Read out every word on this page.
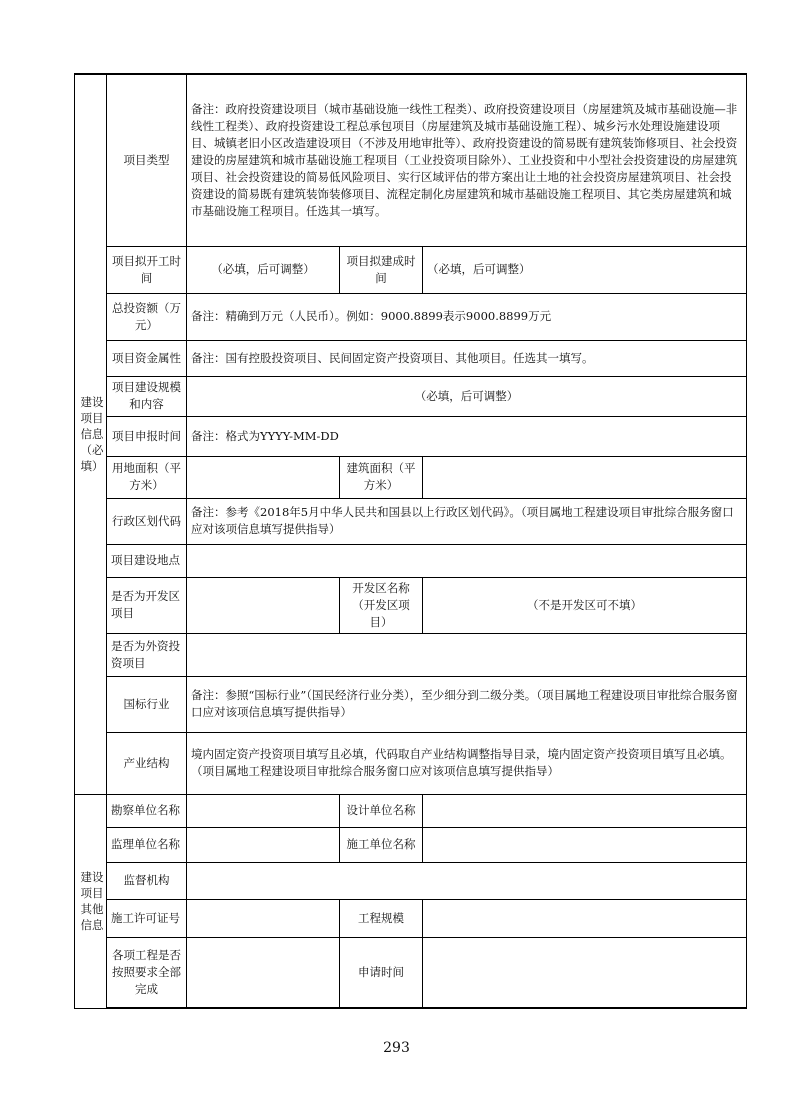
建设项目信息（必填）	项目类型	备注：政府投资建设项目（城市基础设施一线性工程类）、政府投资建设项目（房屋建筑及城市基础设施—非线性工程类）、政府投资建设工程总承包项目（房屋建筑及城市基础设施工程）、城乡污水处理设施建设项目、城镇老旧小区改造建设项目（不涉及用地审批等）、政府投资建设的简易既有建筑装饰修项目、社会投资建设的房屋建筑和城市基础设施工程项目（工业投资项目除外）、工业投资和中小型社会投资建设的房屋建筑项目、社会投资建设的简易低风险项目、实行区域评估的带方案出让土地的社会投资房屋建筑项目、社会投资建设的简易既有建筑装饰装修项目、流程定制化房屋建筑和城市基础设施工程项目、其它类房屋建筑和城市基础设施工程项目。任选其一填写。		
	项目拟开工时间	（必填，后可调整）	项目拟建成时间	（必填，后可调整）
	总投资额（万元）	备注：精确到万元（人民币）。例如：9000.8899表示9000.8899万元		
	项目资金属性	备注：国有控股投资项目、民间固定资产投资项目、其他项目。任选其一填写。		
	项目建设规模和内容	（必填，后可调整）		
	项目申报时间	备注：格式为YYYY-MM-DD		
	用地面积（平方米）		建筑面积（平方米）	
	行政区划代码	备注：参考《2018年5月中华人民共和国县以上行政区划代码》。（项目属地工程建设项目审批综合服务窗口应对该项信息填写提供指导）		
	项目建设地点			
	是否为开发区项目		开发区名称（开发区项目）	（不是开发区可不填）
	是否为外资投资项目			
	国标行业	备注：参照“国标行业”（国民经济行业分类），至少细分到二级分类。（项目属地工程建设项目审批综合服务窗口应对该项信息填写提供指导）		
	产业结构	境内固定资产投资项目填写且必填，代码取自产业结构调整指导目录，境内固定资产投资项目填写且必填。（项目属地工程建设项目审批综合服务窗口应对该项信息填写提供指导）		

建设项目其他信息	勘察单位名称		设计单位名称	
	监理单位名称		施工单位名称	
	监督机构			
	施工许可证号		工程规模	
	各项工程是否按照要求全部完成		申请时间	
293
